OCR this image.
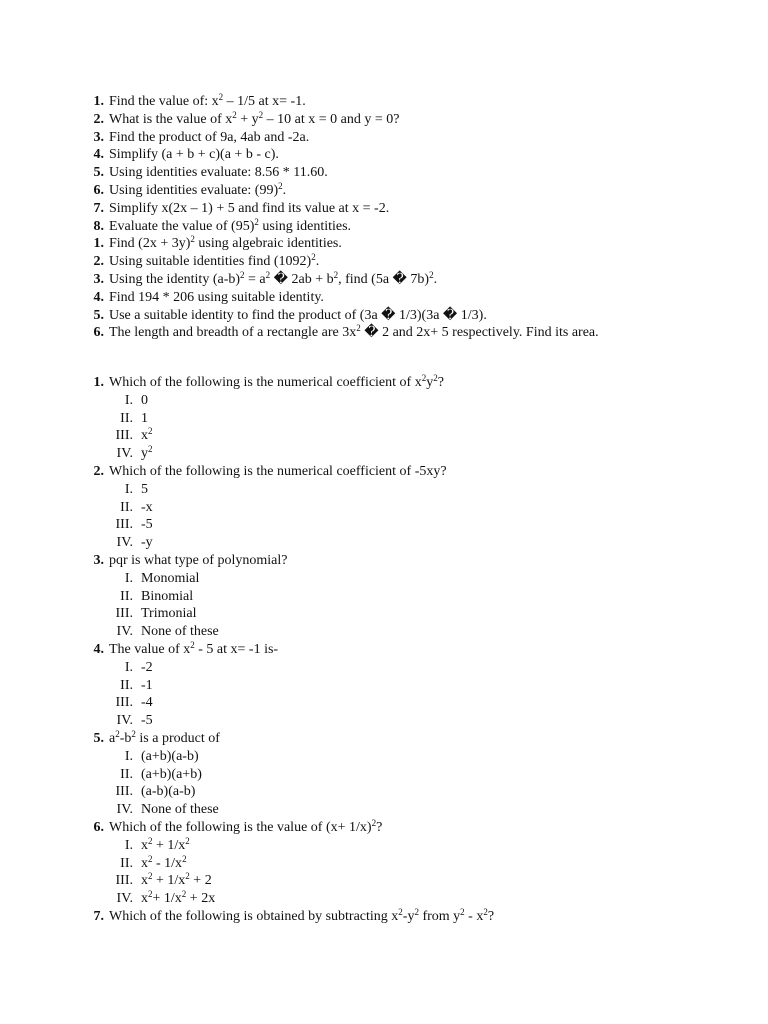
1. Find the value of: $x^2 - 1/5$ at x= -1.
2. What is the value of $x^2 + y^2 - 10$ at x = 0 and y = 0?
3. Find the product of 9a, 4ab and -2a.
4. Simplify (a + b + c)(a + b - c).
5. Using identities evaluate: 8.56 * 11.60.
6. Using identities evaluate: $(99)^2$.
7. Simplify x(2x – 1) + 5 and find its value at x = -2.
8. Evaluate the value of $(95)^2$ using identities.
1. Find $(2x + 3y)^2$ using algebraic identities.
2. Using suitable identities find $(1092)^2$.
3. Using the identity $(a-b)^2 = a^2$ � $2ab + b^2$, find (5a � 7b)$^2$.
4. Find 194 * 206 using suitable identity.
5. Use a suitable identity to find the product of (3a � 1/3)(3a � 1/3).
6. The length and breadth of a rectangle are $3x^2$ � 2 and 2x+ 5 respectively. Find its area.
1. Which of the following is the numerical coefficient of $x^2y^2$?
I. 0
II. 1
III. $x^2$
IV. $y^2$
2. Which of the following is the numerical coefficient of -5xy?
I. 5
II. -x
III. -5
IV. -y
3. pqr is what type of polynomial?
I. Monomial
II. Binomial
III. Trimonial
IV. None of these
4. The value of $x^2 - 5$ at x= -1 is-
I. -2
II. -1
III. -4
IV. -5
5. $a^2-b^2$ is a product of
I. (a+b)(a-b)
II. (a+b)(a+b)
III. (a-b)(a-b)
IV. None of these
6. Which of the following is the value of $(x+ 1/x)^2$?
I. $x^2 + 1/x^2$
II. $x^2 - 1/x^2$
III. $x^2 + 1/x^2 + 2$
IV. $x^2+ 1/x^2 + 2x$
7. Which of the following is obtained by subtracting $x^2-y^2$ from $y^2 - x^2$?
